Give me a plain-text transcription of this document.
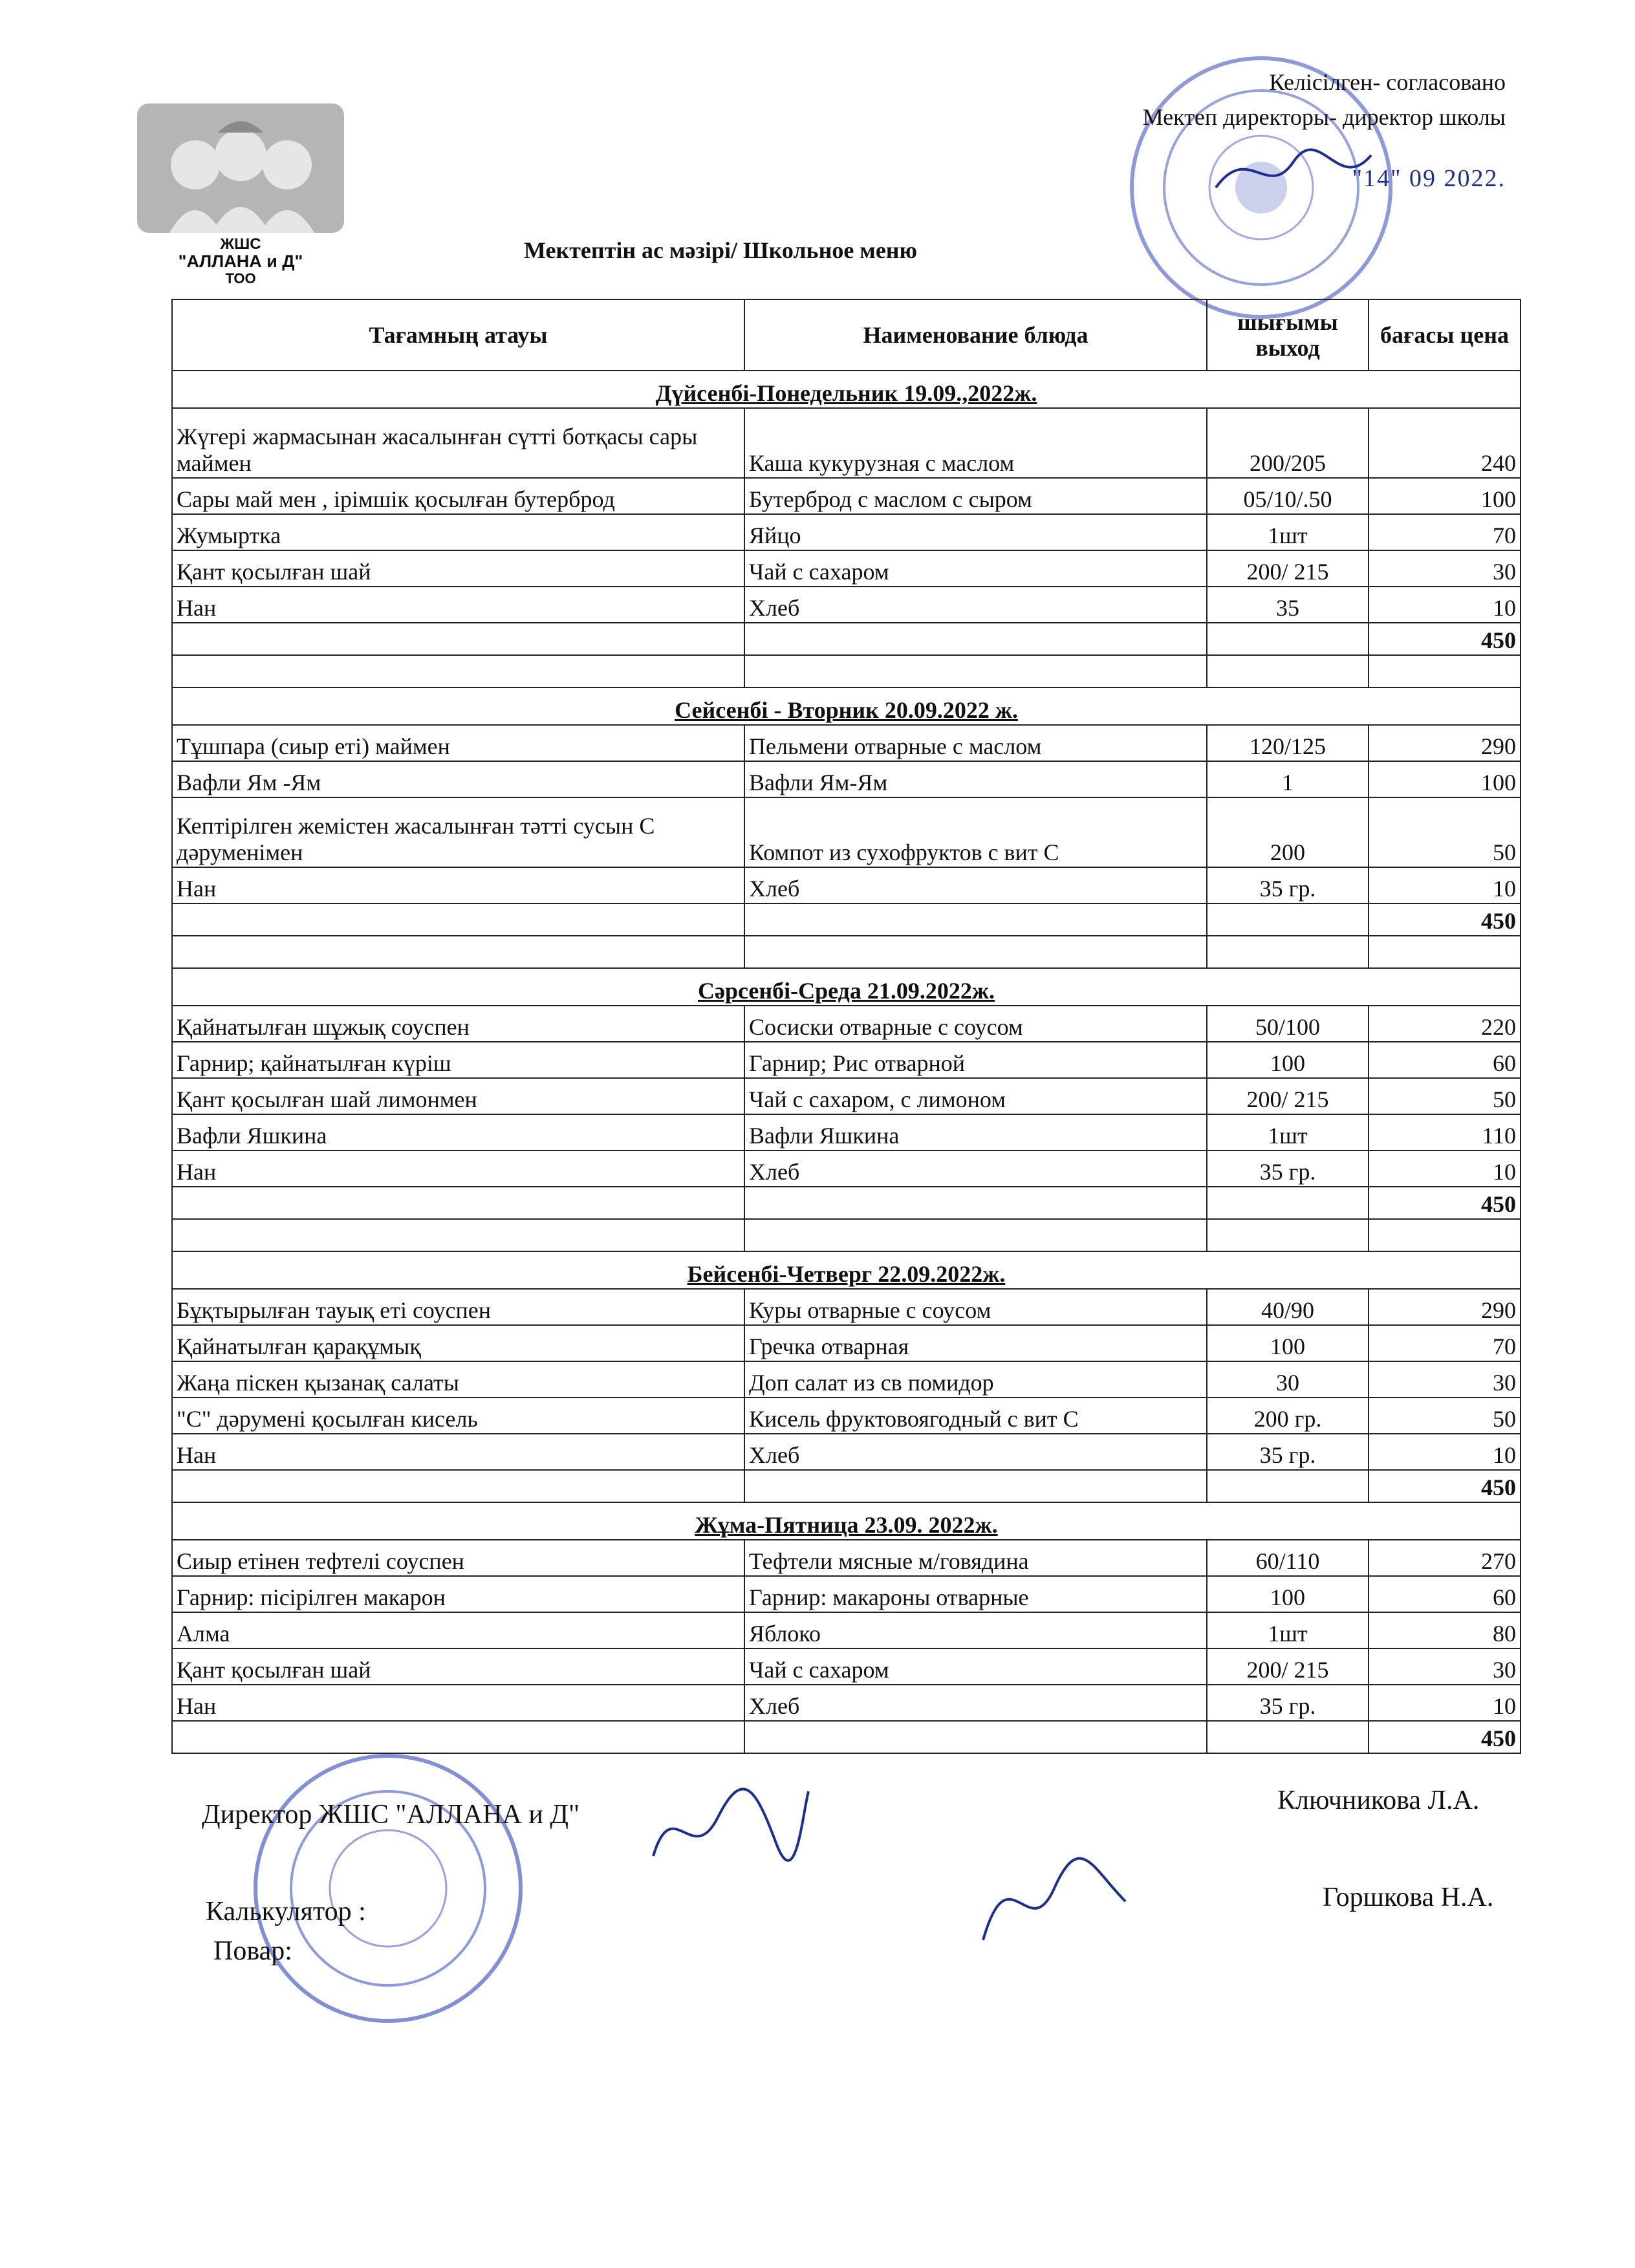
ЖШС
"АЛЛАНА и Д"
ТОО
Келісілген- согласовано
Мектеп директоры- директор школы
"14" 09 2022.
Мектептін ас мәзірі/ Школьное меню
Тағамның атауы	Наименование блюда	шығымы выход	бағасы цена
Дүйсенбі-Понедельник 19.09.,2022ж.			
Жүгері жармасынан жасалынған сүтті ботқасы сары маймен	Каша кукурузная с маслом	200/205	240
Сары май мен , ірімшік қосылған бутерброд	Бутерброд с маслом с сыром	05/10/.50	100
Жумыртка	Яйцо	1шт	70
Қант қосылған шай	Чай с сахаром	200/ 215	30
Нан	Хлеб	35	10
			450

Сейсенбі - Вторник 20.09.2022 ж.			
Тұшпара (сиыр еті) маймен	Пельмени отварные с маслом	120/125	290
Вафли Ям -Ям	Вафли Ям-Ям	1	100
Кептірілген жемістен жасалынған тәтті сусын С дәруменімен	Компот из сухофруктов с вит С	200	50
Нан	Хлеб	35 гр.	10
			450

Сәрсенбі-Среда 21.09.2022ж.			
Қайнатылған шұжық соуспен	Сосиски отварные с соусом	50/100	220
Гарнир; қайнатылған күріш	Гарнир; Рис отварной	100	60
Қант қосылған шай лимонмен	Чай с сахаром, с лимоном	200/ 215	50
Вафли Яшкина	Вафли Яшкина	1шт	110
Нан	Хлеб	35 гр.	10
			450

Бейсенбі-Четверг 22.09.2022ж.			
Бұқтырылған тауық еті соуспен	Куры отварные с соусом	40/90	290
Қайнатылған қарақұмық	Гречка отварная	100	70
Жаңа піскен қызанақ салаты	Доп салат из св помидор	30	30
"С" дәрумені қосылған кисель	Кисель фруктовоягодный с вит С	200 гр.	50
Нан	Хлеб	35 гр.	10
			450
Жұма-Пятница 23.09. 2022ж.			
Сиыр етінен тефтелі соуспен	Тефтели мясные м/говядина	60/110	270
Гарнир: пісірілген макарон	Гарнир: макароны отварные	100	60
Алма	Яблоко	1шт	80
Қант қосылған шай	Чай с сахаром	200/ 215	30
Нан	Хлеб	35 гр.	10
			450
Директор ЖШС "АЛЛАНА и Д"	Ключникова Л.А.
Калькулятор :	Горшкова Н.А.
Повар:
